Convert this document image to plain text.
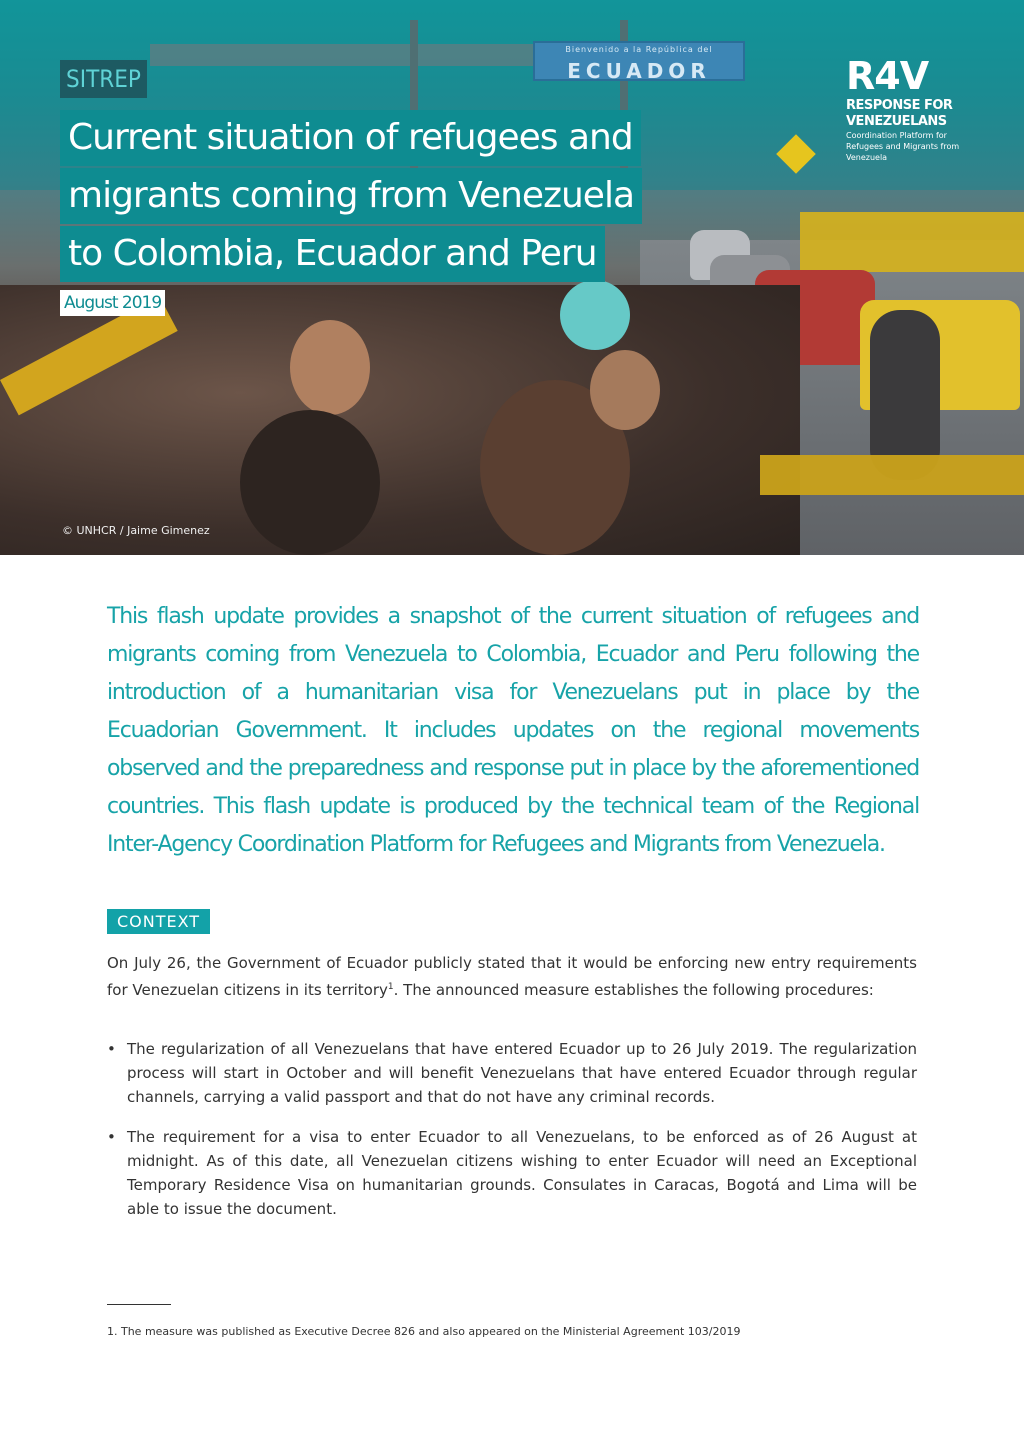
Bienvenido a la República del
ECUADOR
© UNHCR / Jaime Gimenez
SITREP
Current situation of refugees and
migrants coming from Venezuela
to Colombia, Ecuador and Peru
August 2019
R4V
RESPONSE FOR
VENEZUELANS
Coordination Platform for Refugees and Migrants from Venezuela

This flash update provides a snapshot of the current situation of refugees and migrants coming from Venezuela to Colombia, Ecuador and Peru following the introduction of a humanitarian visa for Venezuelans put in place by the Ecuadorian Government. It includes updates on the regional movements observed and the preparedness and response put in place by the aforementioned countries. This flash update is produced by the technical team of the Regional Inter-Agency Coordination Platform for Refugees and Migrants from Venezuela.

CONTEXT

On July 26, the Government of Ecuador publicly stated that it would be enforcing new entry requirements for Venezuelan citizens in its territory$^1$. The announced measure establishes the following procedures:

• The regularization of all Venezuelans that have entered Ecuador up to 26 July 2019. The regularization process will start in October and will benefit Venezuelans that have entered Ecuador through regular channels, carrying a valid passport and that do not have any criminal records.
• The requirement for a visa to enter Ecuador to all Venezuelans, to be enforced as of 26 August at midnight. As of this date, all Venezuelan citizens wishing to enter Ecuador will need an Exceptional Temporary Residence Visa on humanitarian grounds. Consulates in Caracas, Bogotá and Lima will be able to issue the document.
1. The measure was published as Executive Decree 826 and also appeared on the Ministerial Agreement 103/2019
